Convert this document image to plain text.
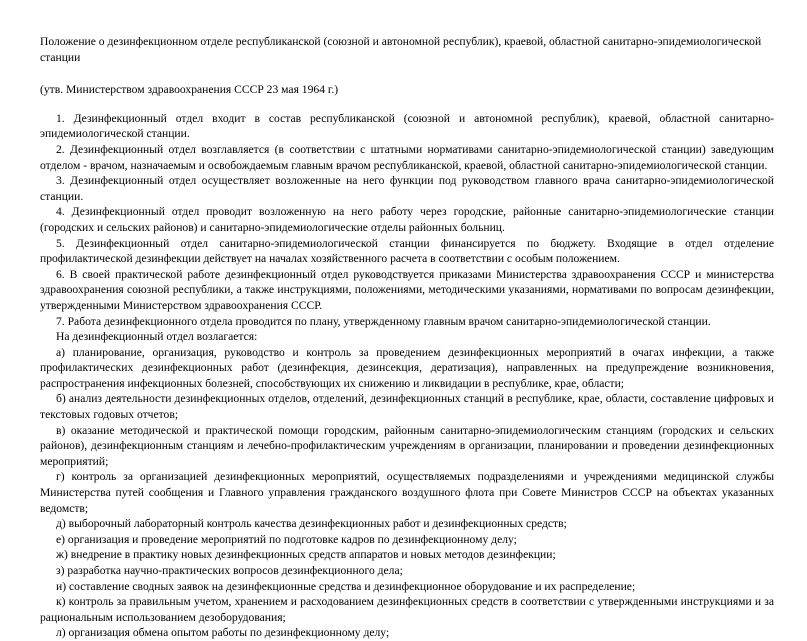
Положение о дезинфекционном отделе республиканской (союзной и автономной республик), краевой, областной санитарно-эпидемиологической станции
(утв. Министерством здравоохранения СССР 23 мая 1964 г.)

1. Дезинфекционный отдел входит в состав республиканской (союзной и автономной республик), краевой, областной санитарно-эпидемиологической станции.

2. Дезинфекционный отдел возглавляется (в соответствии с штатными нормативами санитарно-эпидемиологической станции) заведующим отделом - врачом, назначаемым и освобождаемым главным врачом республиканской, краевой, областной санитарно-эпидемиологической станции.

3. Дезинфекционный отдел осуществляет возложенные на него функции под руководством главного врача санитарно-эпидемиологической станции.

4. Дезинфекционный отдел проводит возложенную на него работу через городские, районные санитарно-эпидемиологические станции (городских и сельских районов) и санитарно-эпидемиологические отделы районных больниц.

5. Дезинфекционный отдел санитарно-эпидемиологической станции финансируется по бюджету. Входящие в отдел отделение профилактической дезинфекции действует на началах хозяйственного расчета в соответствии с особым положением.

6. В своей практической работе дезинфекционный отдел руководствуется приказами Министерства здравоохранения СССР и министерства здравоохранения союзной республики, а также инструкциями, положениями, методическими указаниями, нормативами по вопросам дезинфекции, утвержденными Министерством здравоохранения СССР.

7. Работа дезинфекционного отдела проводится по плану, утвержденному главным врачом санитарно-эпидемиологической станции.

На дезинфекционный отдел возлагается:

а) планирование, организация, руководство и контроль за проведением дезинфекционных мероприятий в очагах инфекции, а также профилактических дезинфекционных работ (дезинфекция, дезинсекция, дератизация), направленных на предупреждение возникновения, распространения инфекционных болезней, способствующих их снижению и ликвидации в республике, крае, области;

б) анализ деятельности дезинфекционных отделов, отделений, дезинфекционных станций в республике, крае, области, составление цифровых и текстовых годовых отчетов;

в) оказание методической и практической помощи городским, районным санитарно-эпидемиологическим станциям (городских и сельских районов), дезинфекционным станциям и лечебно-профилактическим учреждениям в организации, планировании и проведении дезинфекционных мероприятий;

г) контроль за организацией дезинфекционных мероприятий, осуществляемых подразделениями и учреждениями медицинской службы Министерства путей сообщения и Главного управления гражданского воздушного флота при Совете Министров СССР на объектах указанных ведомств;

д) выборочный лабораторный контроль качества дезинфекционных работ и дезинфекционных средств;

е) организация и проведение мероприятий по подготовке кадров по дезинфекционному делу;

ж) внедрение в практику новых дезинфекционных средств аппаратов и новых методов дезинфекции;

з) разработка научно-практических вопросов дезинфекционного дела;

и) составление сводных заявок на дезинфекционные средства и дезинфекционное оборудование и их распределение;

к) контроль за правильным учетом, хранением и расходованием дезинфекционных средств в соответствии с утвержденными инструкциями и за рациональным использованием дезоборудования;

л) организация обмена опытом работы по дезинфекционному делу;
